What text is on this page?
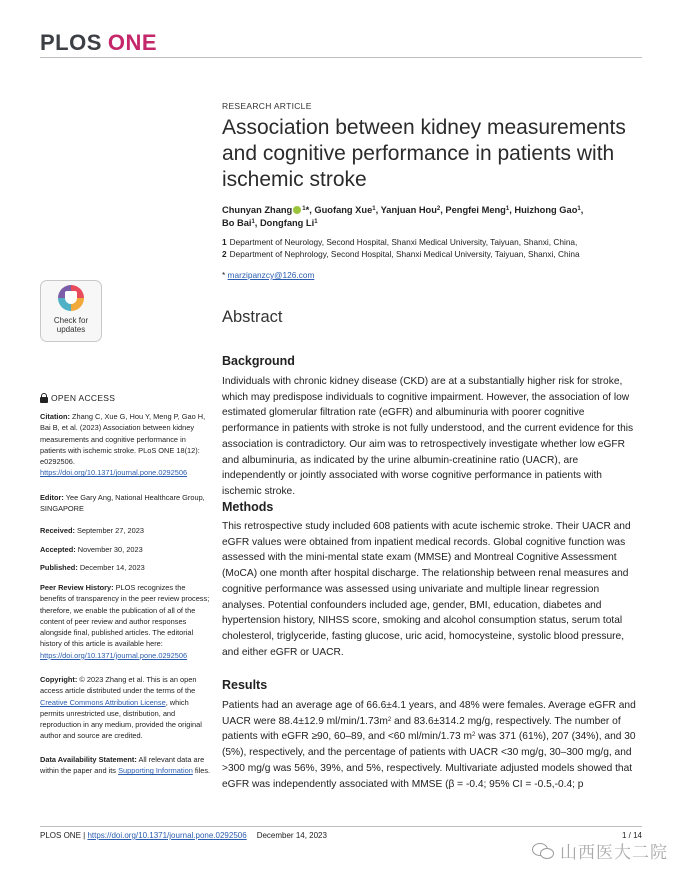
PLOS ONE
RESEARCH ARTICLE
Association between kidney measurements and cognitive performance in patients with ischemic stroke
Chunyan Zhang $^1$*, Guofang Xue$^1$, Yanjuan Hou$^2$, Pengfei Meng$^1$, Huizhong Gao$^1$,
Bo Bai$^1$, Dongfang Li$^1$
1 Department of Neurology, Second Hospital, Shanxi Medical University, Taiyuan, Shanxi, China,
2 Department of Nephrology, Second Hospital, Shanxi Medical University, Taiyuan, Shanxi, China
* marzipanzcy@126.com
Abstract
Background

Individuals with chronic kidney disease (CKD) are at a substantially higher risk for stroke, which may predispose individuals to cognitive impairment. However, the association of low estimated glomerular filtration rate (eGFR) and albuminuria with poorer cognitive performance in patients with stroke is not fully understood, and the current evidence for this association is contradictory. Our aim was to retrospectively investigate whether low eGFR and albuminuria, as indicated by the urine albumin-creatinine ratio (UACR), are independently or jointly associated with worse cognitive performance in patients with ischemic stroke.

Methods

This retrospective study included 608 patients with acute ischemic stroke. Their UACR and eGFR values were obtained from inpatient medical records. Global cognitive function was assessed with the mini-mental state exam (MMSE) and Montreal Cognitive Assessment (MoCA) one month after hospital discharge. The relationship between renal measures and cognitive performance was assessed using univariate and multiple linear regression analyses. Potential confounders included age, gender, BMI, education, diabetes and hypertension history, NIHSS score, smoking and alcohol consumption status, serum total cholesterol, triglyceride, fasting glucose, uric acid, homocysteine, systolic blood pressure, and either eGFR or UACR.

Results

Patients had an average age of 66.6±4.1 years, and 48% were females. Average eGFR and UACR were 88.4±12.9 $ml/\min/1.73m^2$ and 83.6±314.2 mg/g, respectively. The number of patients with eGFR ≥90, 60–89, and <60 ml/min/1.73 $m^2$ was 371 (61%), 207 (34%), and 30 (5%), respectively, and the percentage of patients with UACR <30 mg/g, 30–300 mg/g, and >300 mg/g was 56%, 39%, and 5%, respectively. Multivariate adjusted models showed that eGFR was independently associated with MMSE (β = -0.4; 95% CI = -0.5,-0.4; p

Check for updates
OPEN ACCESS

Citation: Zhang C, Xue G, Hou Y, Meng P, Gao H, Bai B, et al. (2023) Association between kidney measurements and cognitive performance in patients with ischemic stroke. PLoS ONE 18(12): e0292506. https://doi.org/10.1371/journal.pone.0292506

Editor: Yee Gary Ang, National Healthcare Group, SINGAPORE

Received: September 27, 2023

Accepted: November 30, 2023

Published: December 14, 2023

Peer Review History: PLOS recognizes the benefits of transparency in the peer review process; therefore, we enable the publication of all of the content of peer review and author responses alongside final, published articles. The editorial history of this article is available here: https://doi.org/10.1371/journal.pone.0292506

Copyright: © 2023 Zhang et al. This is an open access article distributed under the terms of the Creative Commons Attribution License, which permits unrestricted use, distribution, and reproduction in any medium, provided the original author and source are credited.

Data Availability Statement: All relevant data are within the paper and its Supporting Information files.

PLOS ONE | https://doi.org/10.1371/journal.pone.0292506 December 14, 2023	1 / 14
山西医大二院
